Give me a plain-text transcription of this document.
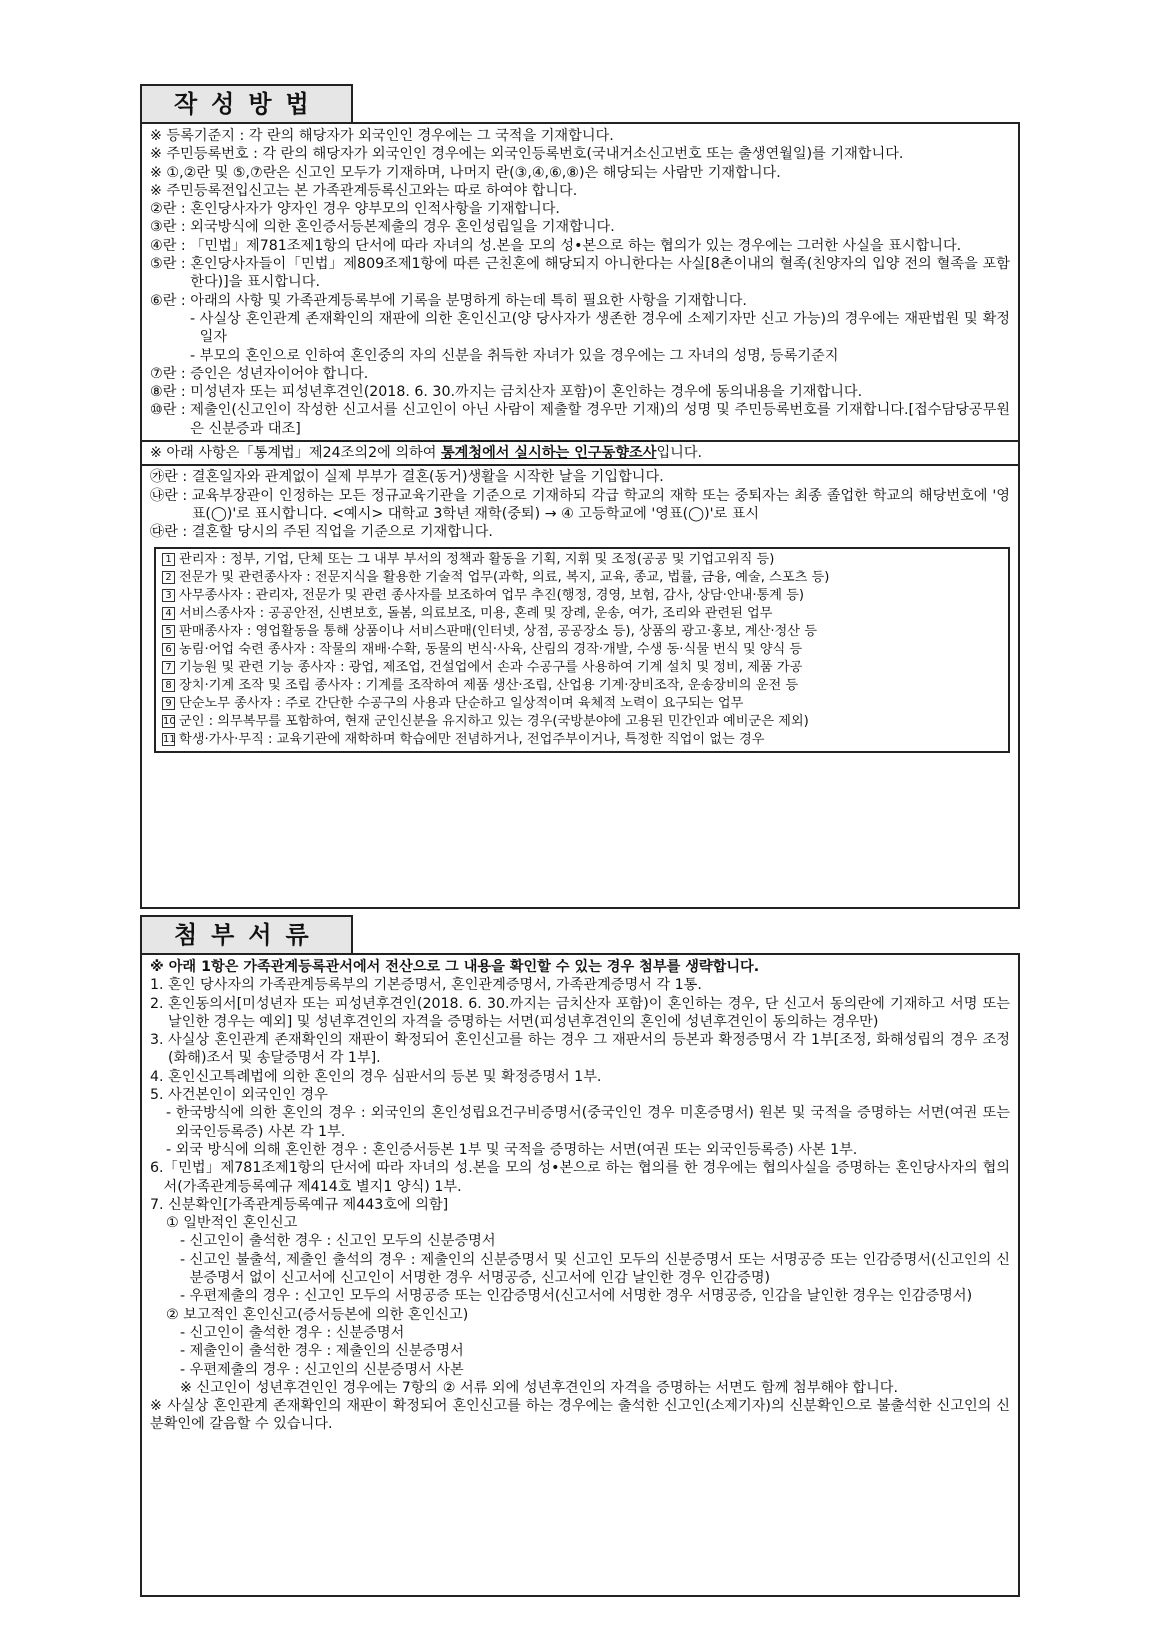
작성방법
※ 등록기준지 : 각 란의 해당자가 외국인인 경우에는 그 국적을 기재합니다.
※ 주민등록번호 : 각 란의 해당자가 외국인인 경우에는 외국인등록번호(국내거소신고번호 또는 출생연월일)를 기재합니다.
※ ①,②란 및 ⑤,⑦란은 신고인 모두가 기재하며, 나머지 란(③,④,⑥,⑧)은 해당되는 사람만 기재합니다.
※ 주민등록전입신고는 본 가족관계등록신고와는 따로 하여야 합니다.
②란 : 혼인당사자가 양자인 경우 양부모의 인적사항을 기재합니다.
③란 : 외국방식에 의한 혼인증서등본제출의 경우 혼인성립일을 기재합니다.
④란 : 「민법」제781조제1항의 단서에 따라 자녀의 성.본을 모의 성•본으로 하는 협의가 있는 경우에는 그러한 사실을 표시합니다.
⑤란 : 혼인당사자들이「민법」제809조제1항에 따른 근친혼에 해당되지 아니한다는 사실[8촌이내의 혈족(친양자의 입양 전의 혈족을 포함한다)]을 표시합니다.
⑥란 : 아래의 사항 및 가족관계등록부에 기록을 분명하게 하는데 특히 필요한 사항을 기재합니다.
- 사실상 혼인관계 존재확인의 재판에 의한 혼인신고(양 당사자가 생존한 경우에 소제기자만 신고 가능)의 경우에는 재판법원 및 확정일자
- 부모의 혼인으로 인하여 혼인중의 자의 신분을 취득한 자녀가 있을 경우에는 그 자녀의 성명, 등록기준지
⑦란 : 증인은 성년자이어야 합니다.
⑧란 : 미성년자 또는 피성년후견인(2018. 6. 30.까지는 금치산자 포함)이 혼인하는 경우에 동의내용을 기재합니다.
⑩란 : 제출인(신고인이 작성한 신고서를 신고인이 아닌 사람이 제출할 경우만 기재)의 성명 및 주민등록번호를 기재합니다.[접수담당공무원은 신분증과 대조]
※ 아래 사항은「통계법」제24조의2에 의하여 통계청에서 실시하는 인구동향조사입니다.
㉮란 : 결혼일자와 관계없이 실제 부부가 결혼(동거)생활을 시작한 날을 기입합니다.
㉯란 : 교육부장관이 인정하는 모든 정규교육기관을 기준으로 기재하되 각급 학교의 재학 또는 중퇴자는 최종 졸업한 학교의 해당번호에 '영표(◯)'로 표시합니다. <예시> 대학교 3학년 재학(중퇴) → ④ 고등학교에 '영표(◯)'로 표시
㉰란 : 결혼할 당시의 주된 직업을 기준으로 기재합니다.
1 관리자 : 정부, 기업, 단체 또는 그 내부 부서의 정책과 활동을 기획, 지휘 및 조정(공공 및 기업고위직 등)
2 전문가 및 관련종사자 : 전문지식을 활용한 기술적 업무(과학, 의료, 복지, 교육, 종교, 법률, 금융, 예술, 스포츠 등)
3 사무종사자 : 관리자, 전문가 및 관련 종사자를 보조하여 업무 추진(행정, 경영, 보험, 감사, 상담·안내·통계 등)
4 서비스종사자 : 공공안전, 신변보호, 돌봄, 의료보조, 미용, 혼례 및 장례, 운송, 여가, 조리와 관련된 업무
5 판매종사자 : 영업활동을 통해 상품이나 서비스판매(인터넷, 상점, 공공장소 등), 상품의 광고·홍보, 계산·정산 등
6 농림·어업 숙련 종사자 : 작물의 재배·수확, 동물의 번식·사육, 산림의 경작·개발, 수생 동·식물 번식 및 양식 등
7 기능원 및 관련 기능 종사자 : 광업, 제조업, 건설업에서 손과 수공구를 사용하여 기계 설치 및 정비, 제품 가공
8 장치·기계 조작 및 조립 종사자 : 기계를 조작하여 제품 생산·조립, 산업용 기계·장비조작, 운송장비의 운전 등
9 단순노무 종사자 : 주로 간단한 수공구의 사용과 단순하고 일상적이며 육체적 노력이 요구되는 업무
10 군인 : 의무복무를 포함하여, 현재 군인신분을 유지하고 있는 경우(국방분야에 고용된 민간인과 예비군은 제외)
11 학생·가사·무직 : 교육기관에 재학하며 학습에만 전념하거나, 전업주부이거나, 특정한 직업이 없는 경우
첨부서류
※ 아래 1항은 가족관계등록관서에서 전산으로 그 내용을 확인할 수 있는 경우 첨부를 생략합니다.
1. 혼인 당사자의 가족관계등록부의 기본증명서, 혼인관계증명서, 가족관계증명서 각 1통.
2. 혼인동의서[미성년자 또는 피성년후견인(2018. 6. 30.까지는 금치산자 포함)이 혼인하는 경우, 단 신고서 동의란에 기재하고 서명 또는 날인한 경우는 예외] 및 성년후견인의 자격을 증명하는 서면(피성년후견인의 혼인에 성년후견인이 동의하는 경우만)
3. 사실상 혼인관계 존재확인의 재판이 확정되어 혼인신고를 하는 경우 그 재판서의 등본과 확정증명서 각 1부[조정, 화해성립의 경우 조정(화해)조서 및 송달증명서 각 1부].
4. 혼인신고특례법에 의한 혼인의 경우 심판서의 등본 및 확정증명서 1부.
5. 사건본인이 외국인인 경우
- 한국방식에 의한 혼인의 경우 : 외국인의 혼인성립요건구비증명서(중국인인 경우 미혼증명서) 원본 및 국적을 증명하는 서면(여권 또는 외국인등록증) 사본 각 1부.
- 외국 방식에 의해 혼인한 경우 : 혼인증서등본 1부 및 국적을 증명하는 서면(여권 또는 외국인등록증) 사본 1부.
6. 「민법」제781조제1항의 단서에 따라 자녀의 성.본을 모의 성•본으로 하는 협의를 한 경우에는 협의사실을 증명하는 혼인당사자의 협의서(가족관계등록예규 제414호 별지1 양식) 1부.
7. 신분확인[가족관계등록예규 제443호에 의함]
① 일반적인 혼인신고
- 신고인이 출석한 경우 : 신고인 모두의 신분증명서
- 신고인 불출석, 제출인 출석의 경우 : 제출인의 신분증명서 및 신고인 모두의 신분증명서 또는 서명공증 또는 인감증명서(신고인의 신분증명서 없이 신고서에 신고인이 서명한 경우 서명공증, 신고서에 인감 날인한 경우 인감증명)
- 우편제출의 경우 : 신고인 모두의 서명공증 또는 인감증명서(신고서에 서명한 경우 서명공증, 인감을 날인한 경우는 인감증명서)
② 보고적인 혼인신고(증서등본에 의한 혼인신고)
- 신고인이 출석한 경우 : 신분증명서
- 제출인이 출석한 경우 : 제출인의 신분증명서
- 우편제출의 경우 : 신고인의 신분증명서 사본
※ 신고인이 성년후견인인 경우에는 7항의 ② 서류 외에 성년후견인의 자격을 증명하는 서면도 함께 첨부해야 합니다.
※ 사실상 혼인관계 존재확인의 재판이 확정되어 혼인신고를 하는 경우에는 출석한 신고인(소제기자)의 신분확인으로 불출석한 신고인의 신분확인에 갈음할 수 있습니다.
